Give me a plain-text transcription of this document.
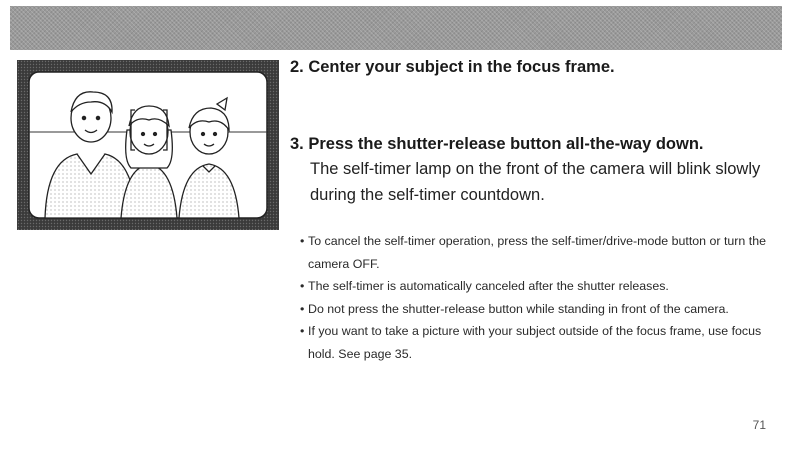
2. Center your subject in the focus frame.
3. Press the shutter-release button all-the-way down.
The self-timer lamp on the front of the camera will blink slowly during the self-timer countdown.
• To cancel the self-timer operation, press the self-timer/drive-mode button or turn the camera OFF.
• The self-timer is automatically canceled after the shutter releases.
• Do not press the shutter-release button while standing in front of the camera.
• If you want to take a picture with your subject outside of the focus frame, use focus hold. See page 35.
71
